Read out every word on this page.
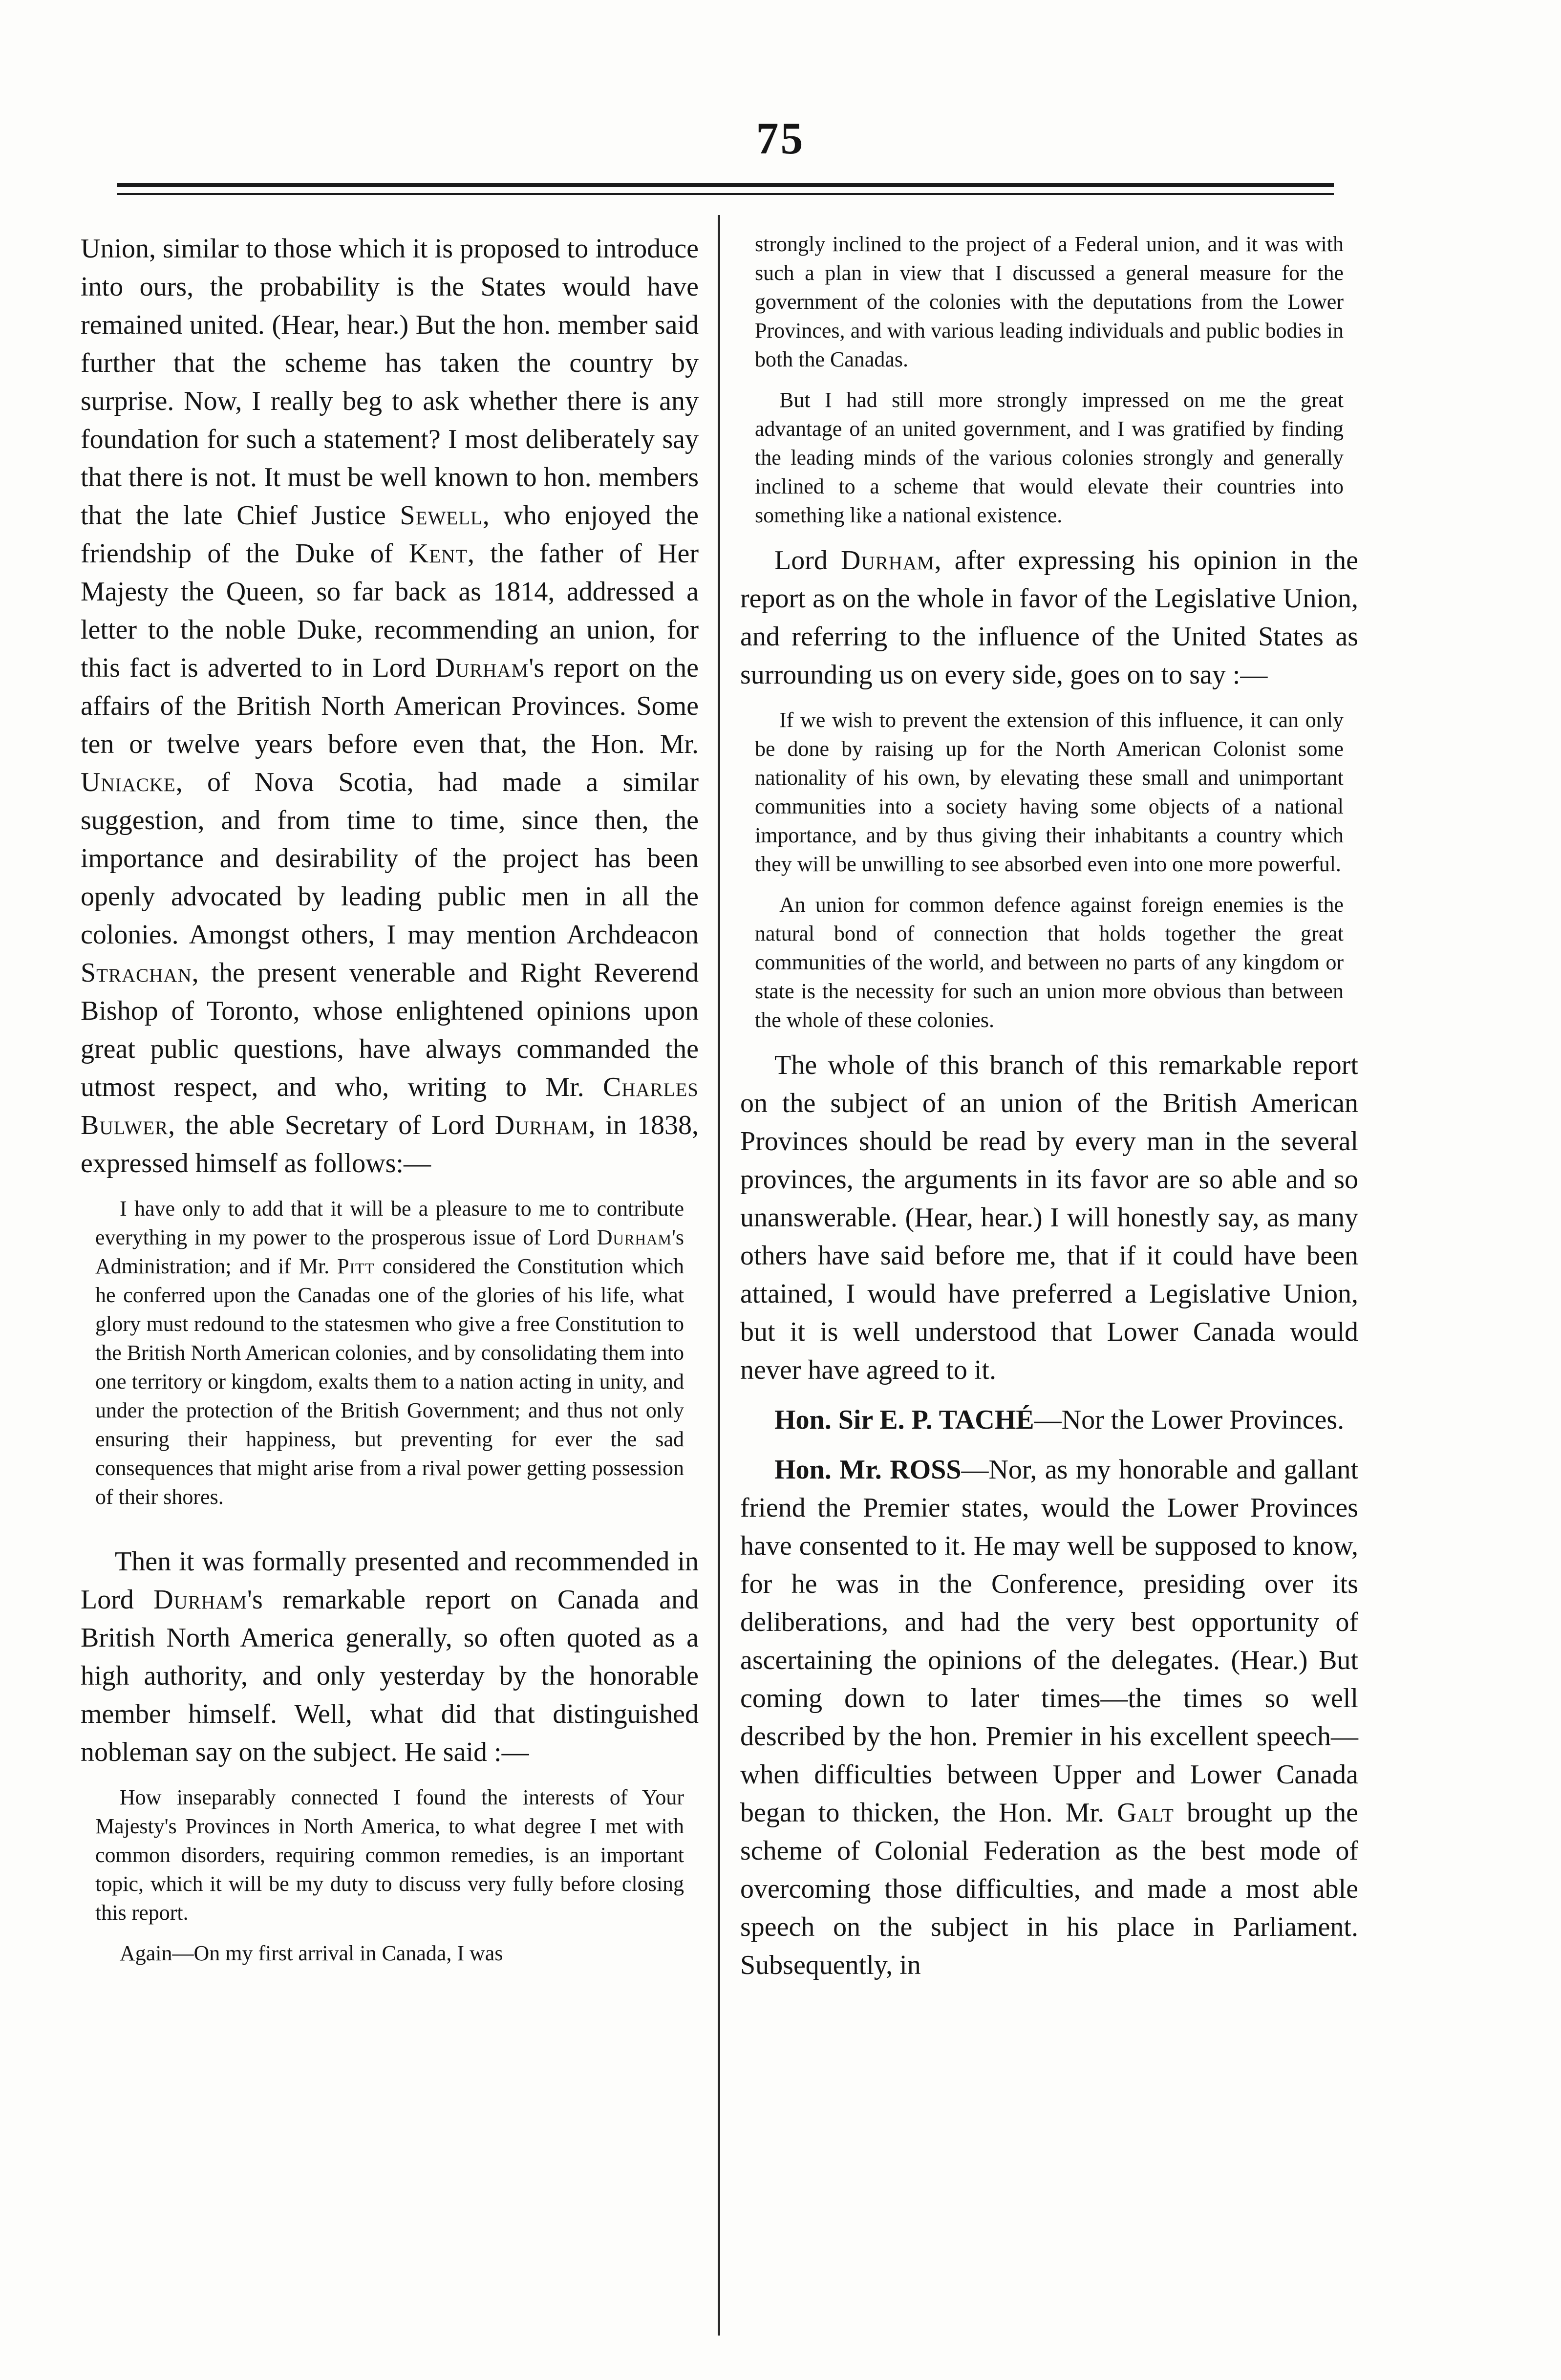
75

Union, similar to those which it is proposed to introduce into ours, the probability is the States would have remained united. (Hear, hear.) But the hon. member said further that the scheme has taken the country by surprise. Now, I really beg to ask whether there is any foundation for such a statement? I most deliberately say that there is not. It must be well known to hon. members that the late Chief Justice Sewell, who enjoyed the friendship of the Duke of Kent, the father of Her Majesty the Queen, so far back as 1814, addressed a letter to the noble Duke, recommending an union, for this fact is adverted to in Lord Durham's report on the affairs of the British North American Provinces. Some ten or twelve years before even that, the Hon. Mr. Uniacke, of Nova Scotia, had made a similar suggestion, and from time to time, since then, the importance and desirability of the project has been openly advocated by leading public men in all the colonies. Amongst others, I may mention Archdeacon Strachan, the present venerable and Right Reverend Bishop of Toronto, whose enlightened opinions upon great public questions, have always commanded the utmost respect, and who, writing to Mr. Charles Bulwer, the able Secretary of Lord Durham, in 1838, expressed himself as follows:—

I have only to add that it will be a pleasure to me to contribute everything in my power to the prosperous issue of Lord Durham's Administration; and if Mr. Pitt considered the Constitution which he conferred upon the Canadas one of the glories of his life, what glory must redound to the statesmen who give a free Constitution to the British North American colonies, and by consolidating them into one territory or kingdom, exalts them to a nation acting in unity, and under the protection of the British Government; and thus not only ensuring their happiness, but preventing for ever the sad consequences that might arise from a rival power getting possession of their shores.

Then it was formally presented and recommended in Lord Durham's remarkable report on Canada and British North America generally, so often quoted as a high authority, and only yesterday by the honorable member himself. Well, what did that distinguished nobleman say on the subject. He said :—

How inseparably connected I found the interests of Your Majesty's Provinces in North America, to what degree I met with common disorders, requiring common remedies, is an important topic, which it will be my duty to discuss very fully before closing this report.

Again—On my first arrival in Canada, I was

strongly inclined to the project of a Federal union, and it was with such a plan in view that I discussed a general measure for the government of the colonies with the deputations from the Lower Provinces, and with various leading individuals and public bodies in both the Canadas.

But I had still more strongly impressed on me the great advantage of an united government, and I was gratified by finding the leading minds of the various colonies strongly and generally inclined to a scheme that would elevate their countries into something like a national existence.

Lord Durham, after expressing his opinion in the report as on the whole in favor of the Legislative Union, and referring to the influence of the United States as surrounding us on every side, goes on to say :—

If we wish to prevent the extension of this influence, it can only be done by raising up for the North American Colonist some nationality of his own, by elevating these small and unimportant communities into a society having some objects of a national importance, and by thus giving their inhabitants a country which they will be unwilling to see absorbed even into one more powerful.

An union for common defence against foreign enemies is the natural bond of connection that holds together the great communities of the world, and between no parts of any kingdom or state is the necessity for such an union more obvious than between the whole of these colonies.

The whole of this branch of this remarkable report on the subject of an union of the British American Provinces should be read by every man in the several provinces, the arguments in its favor are so able and so unanswerable. (Hear, hear.) I will honestly say, as many others have said before me, that if it could have been attained, I would have preferred a Legislative Union, but it is well understood that Lower Canada would never have agreed to it.

Hon. Sir E. P. TACHÉ—Nor the Lower Provinces.

Hon. Mr. ROSS—Nor, as my honorable and gallant friend the Premier states, would the Lower Provinces have consented to it. He may well be supposed to know, for he was in the Conference, presiding over its deliberations, and had the very best opportunity of ascertaining the opinions of the delegates. (Hear.) But coming down to later times—the times so well described by the hon. Premier in his excellent speech—when difficulties between Upper and Lower Canada began to thicken, the Hon. Mr. Galt brought up the scheme of Colonial Federation as the best mode of overcoming those difficulties, and made a most able speech on the subject in his place in Parliament. Subsequently, in
